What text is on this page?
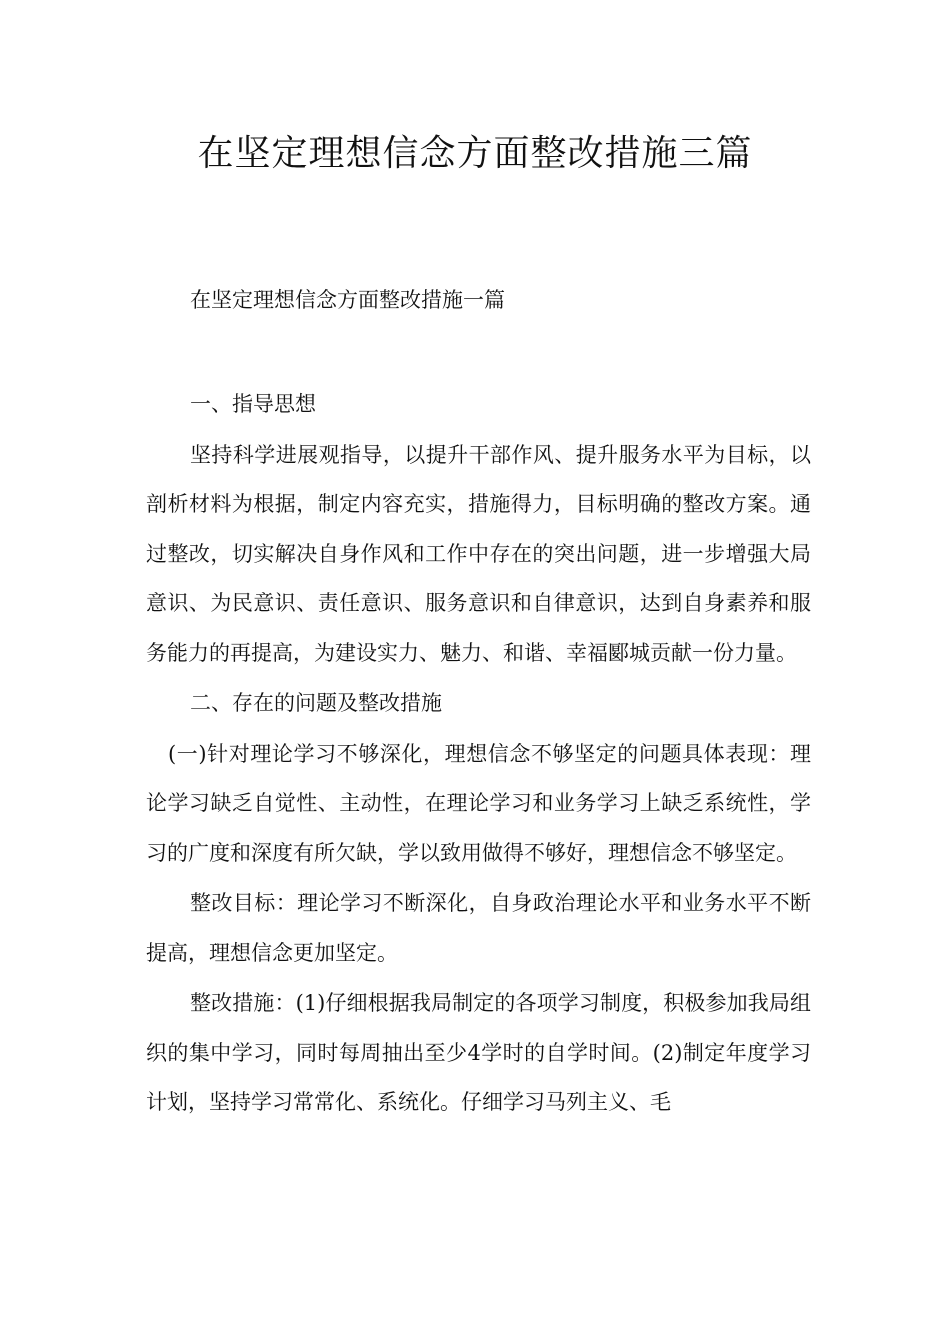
在坚定理想信念方面整改措施三篇

在坚定理想信念方面整改措施一篇

一、指导思想

坚持科学进展观指导，以提升干部作风、提升服务水平为目标，以剖析材料为根据，制定内容充实，措施得力，目标明确的整改方案。通过整改，切实解决自身作风和工作中存在的突出问题，进一步增强大局意识、为民意识、责任意识、服务意识和自律意识，达到自身素养和服务能力的再提高，为建设实力、魅力、和谐、幸福郾城贡献一份力量。

二、存在的问题及整改措施

(一)针对理论学习不够深化，理想信念不够坚定的问题具体表现：理论学习缺乏自觉性、主动性，在理论学习和业务学习上缺乏系统性，学习的广度和深度有所欠缺，学以致用做得不够好，理想信念不够坚定。

整改目标：理论学习不断深化，自身政治理论水平和业务水平不断提高，理想信念更加坚定。

整改措施：(1)仔细根据我局制定的各项学习制度，积极参加我局组织的集中学习，同时每周抽出至少4学时的自学时间。(2)制定年度学习计划，坚持学习常常化、系统化。仔细学习马列主义、毛
